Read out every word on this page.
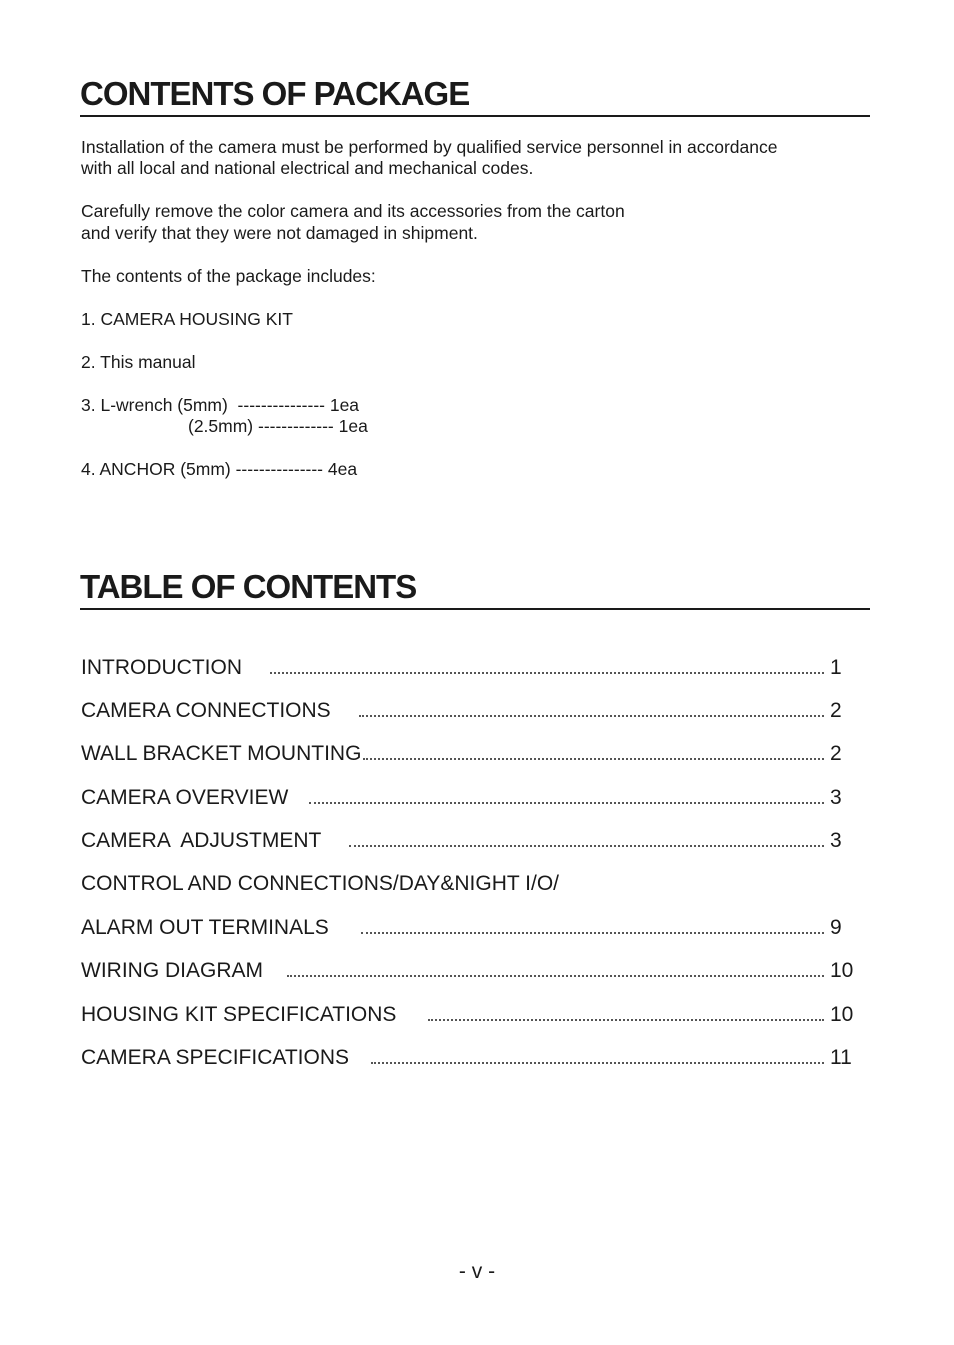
CONTENTS OF PACKAGE

Installation of the camera must be performed by qualified service personnel in accordance

with all local and national electrical and mechanical codes.

Carefully remove the color camera and its accessories from the carton

and verify that they were not damaged in shipment.

The contents of the package includes:

1. CAMERA HOUSING KIT

2. This manual

3. L-wrench (5mm)  --------------- 1ea

(2.5mm) ------------- 1ea

4. ANCHOR (5mm) --------------- 4ea

TABLE OF CONTENTS
INTRODUCTION	1
CAMERA CONNECTIONS	2
WALL BRACKET MOUNTING	2
CAMERA OVERVIEW	3
CAMERA  ADJUSTMENT	3
CONTROL AND CONNECTIONS/DAY&NIGHT I/O/
ALARM OUT TERMINALS	9
WIRING DIAGRAM	10
HOUSING KIT SPECIFICATIONS	10
CAMERA SPECIFICATIONS	11
- v -
